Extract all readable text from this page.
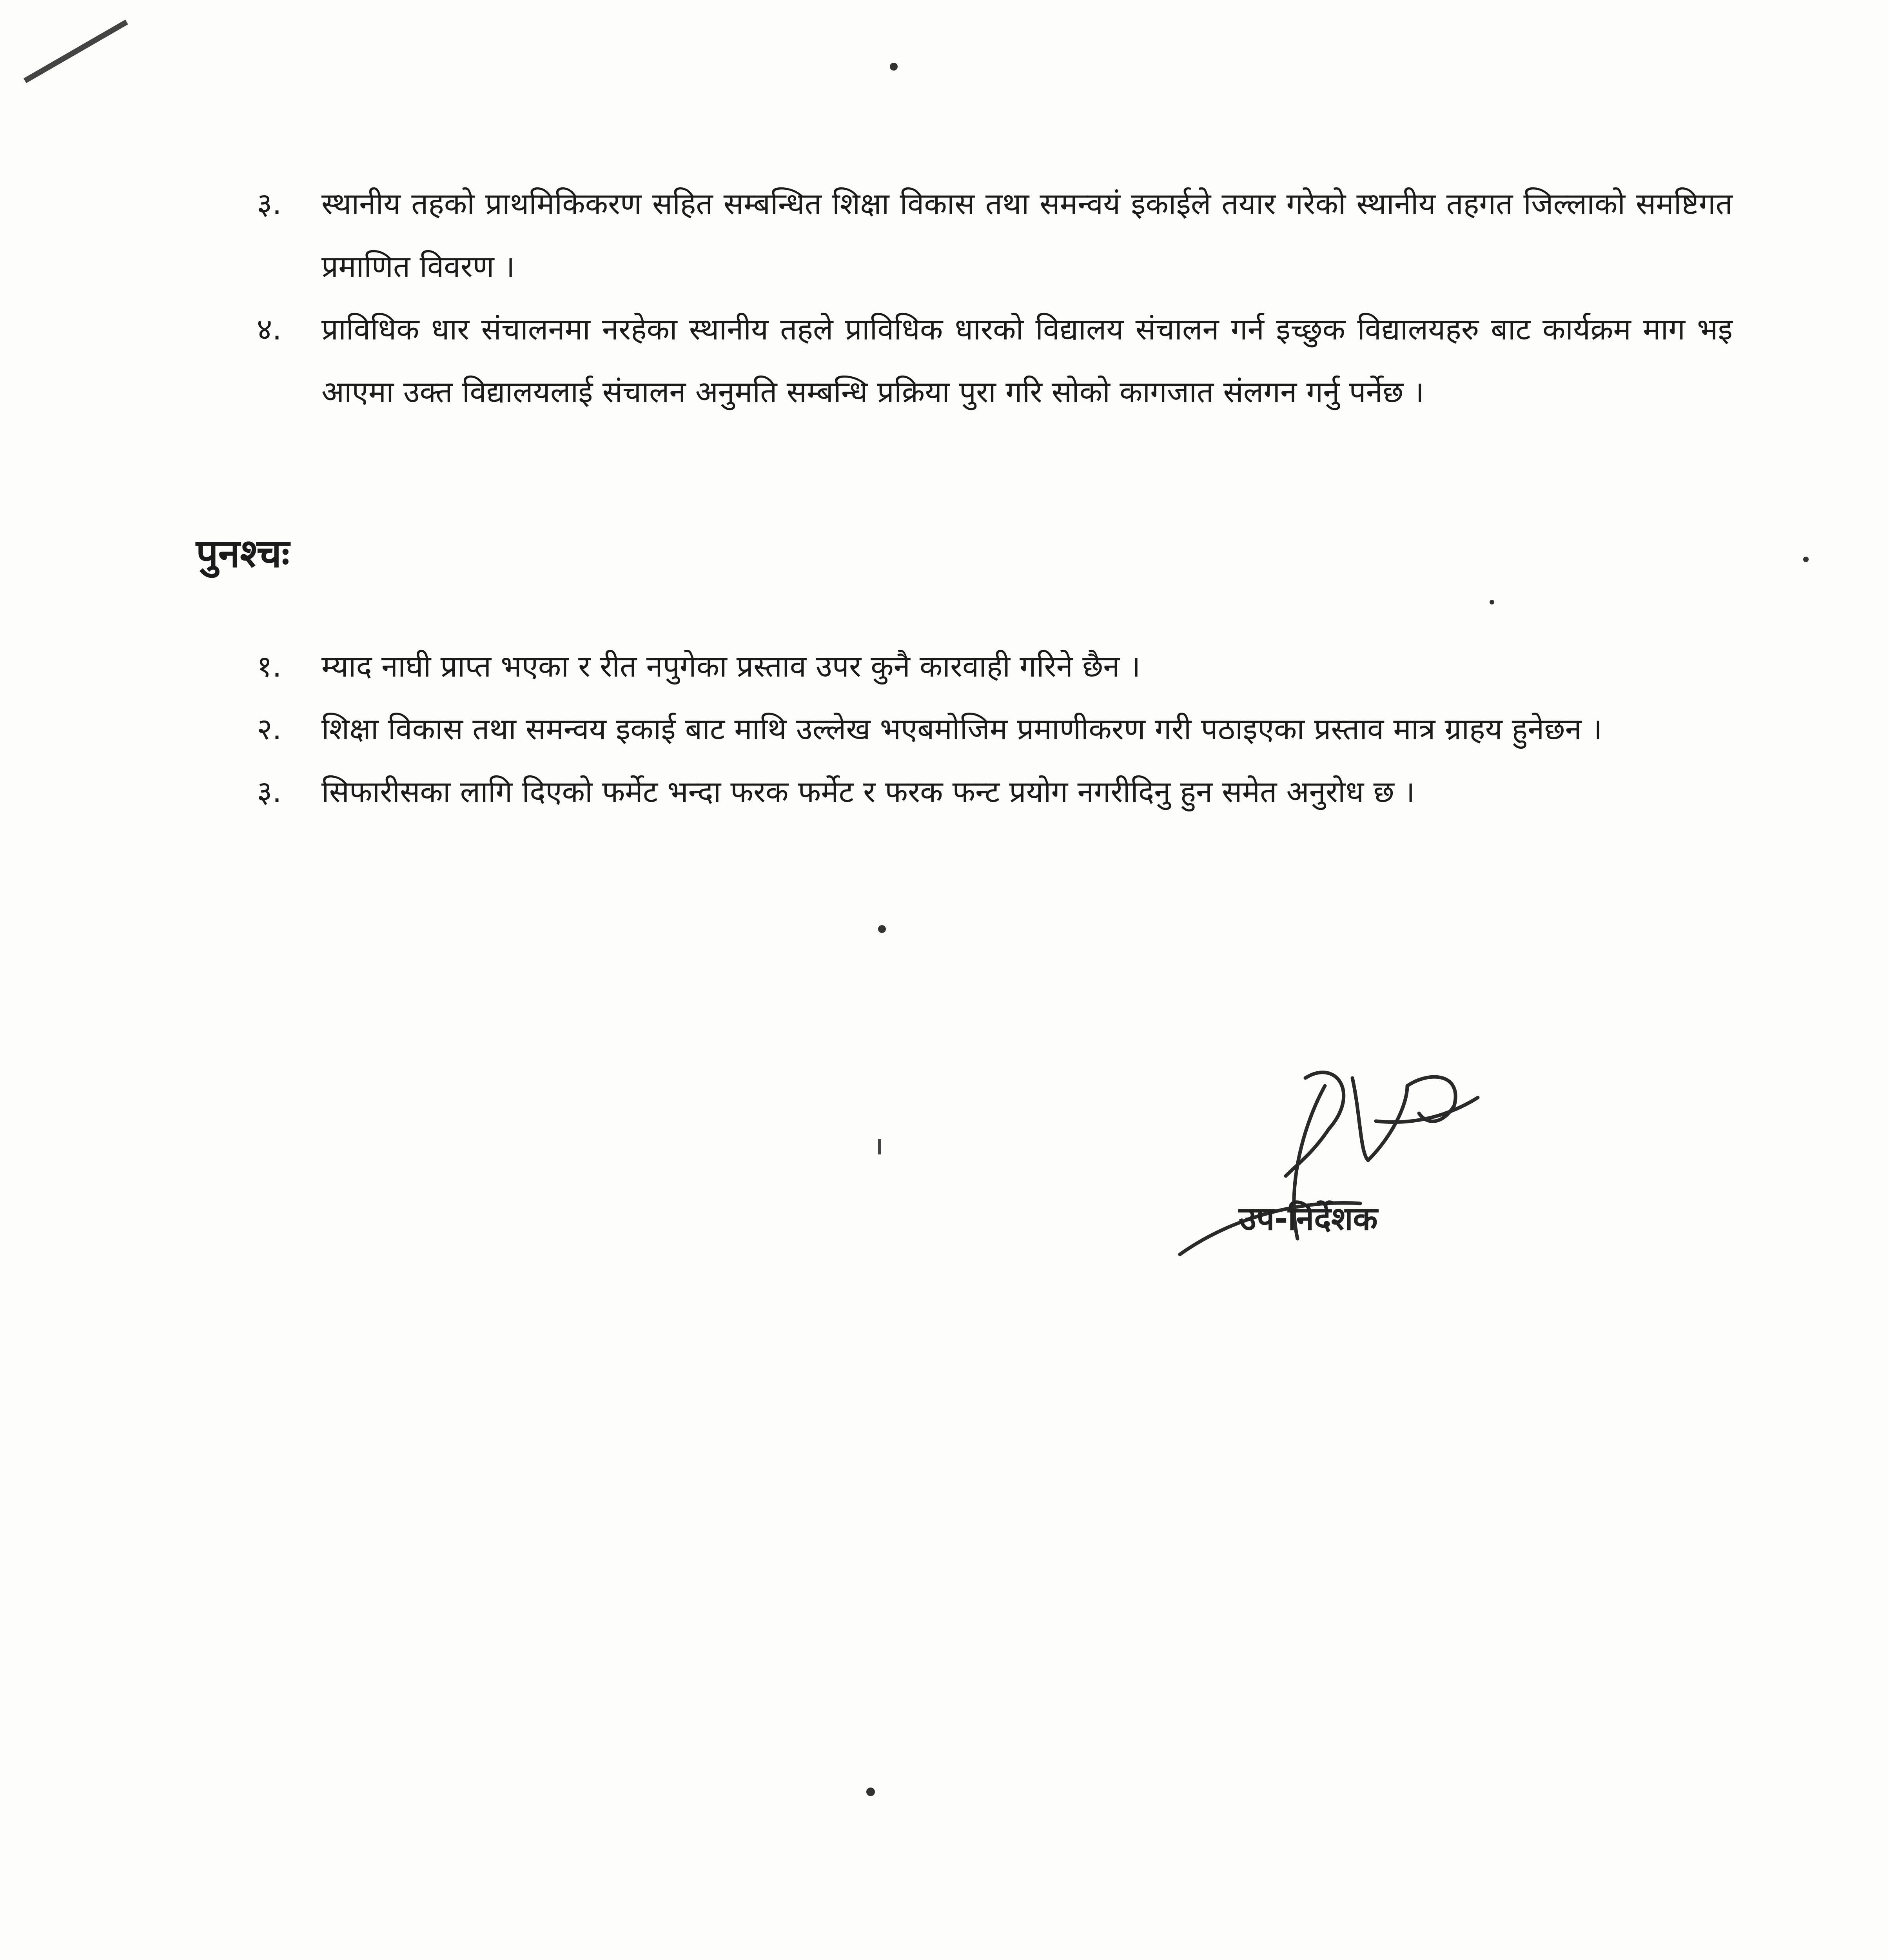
३. स्थानीय तहको प्राथमिकिकरण सहित सम्बन्धित शिक्षा विकास तथा समन्वयं इकाईले तयार गरेको स्थानीय तहगत जिल्लाको समष्टिगत प्रमाणित विवरण ।
४. प्राविधिक धार संचालनमा नरहेका स्थानीय तहले प्राविधिक धारको विद्यालय संचालन गर्न इच्छुक विद्यालयहरु बाट कार्यक्रम माग भइ आएमा उक्त विद्यालयलाई संचालन अनुमति सम्बन्धि प्रक्रिया पुरा गरि सोको कागजात संलगन गर्नु पर्नेछ ।
पुनश्चः
१. म्याद नाघी प्राप्त भएका र रीत नपुगेका प्रस्ताव उपर कुनै कारवाही गरिने छैन ।
२. शिक्षा विकास तथा समन्वय इकाई बाट माथि उल्लेख भएबमोजिम प्रमाणीकरण गरी पठाइएका प्रस्ताव मात्र ग्राहय हुनेछन ।
३. सिफारीसका लागि दिएको फर्मेट भन्दा फरक फर्मेट र फरक फन्ट प्रयोग नगरीदिनु हुन समेत अनुरोध छ ।
उप-निर्देशक
